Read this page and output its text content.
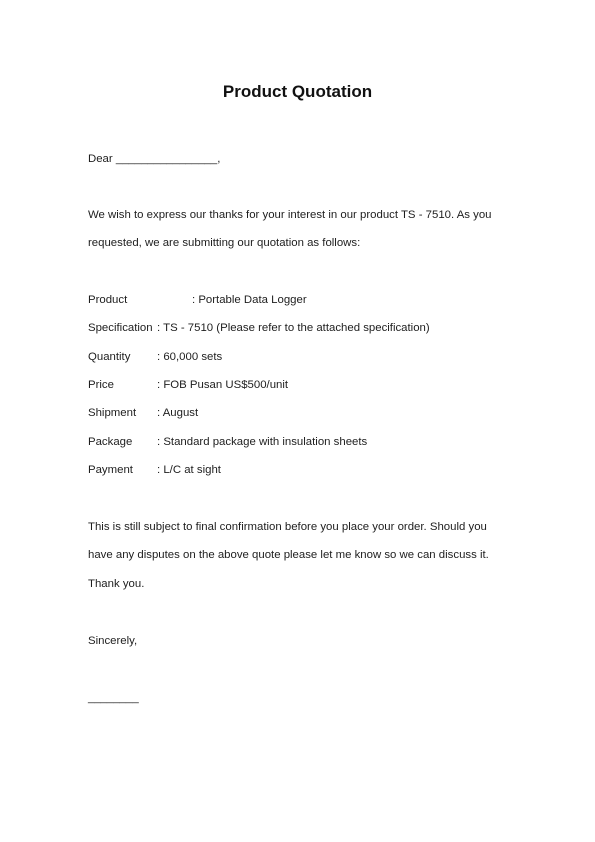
Product Quotation
Dear ________________,
We wish to express our thanks for your interest in our product TS - 7510. As you
requested, we are submitting our quotation as follows:
Product	: Portable Data Logger
Specification : TS - 7510 (Please refer to the attached specification)
Quantity : 60,000 sets
Price	: FOB Pusan US$500/unit
Shipment : August
Package : Standard package with insulation sheets
Payment : L/C at sight
This is still subject to final confirmation before you place your order. Should you
have any disputes on the above quote please let me know so we can discuss it.
Thank you.
Sincerely,
________
